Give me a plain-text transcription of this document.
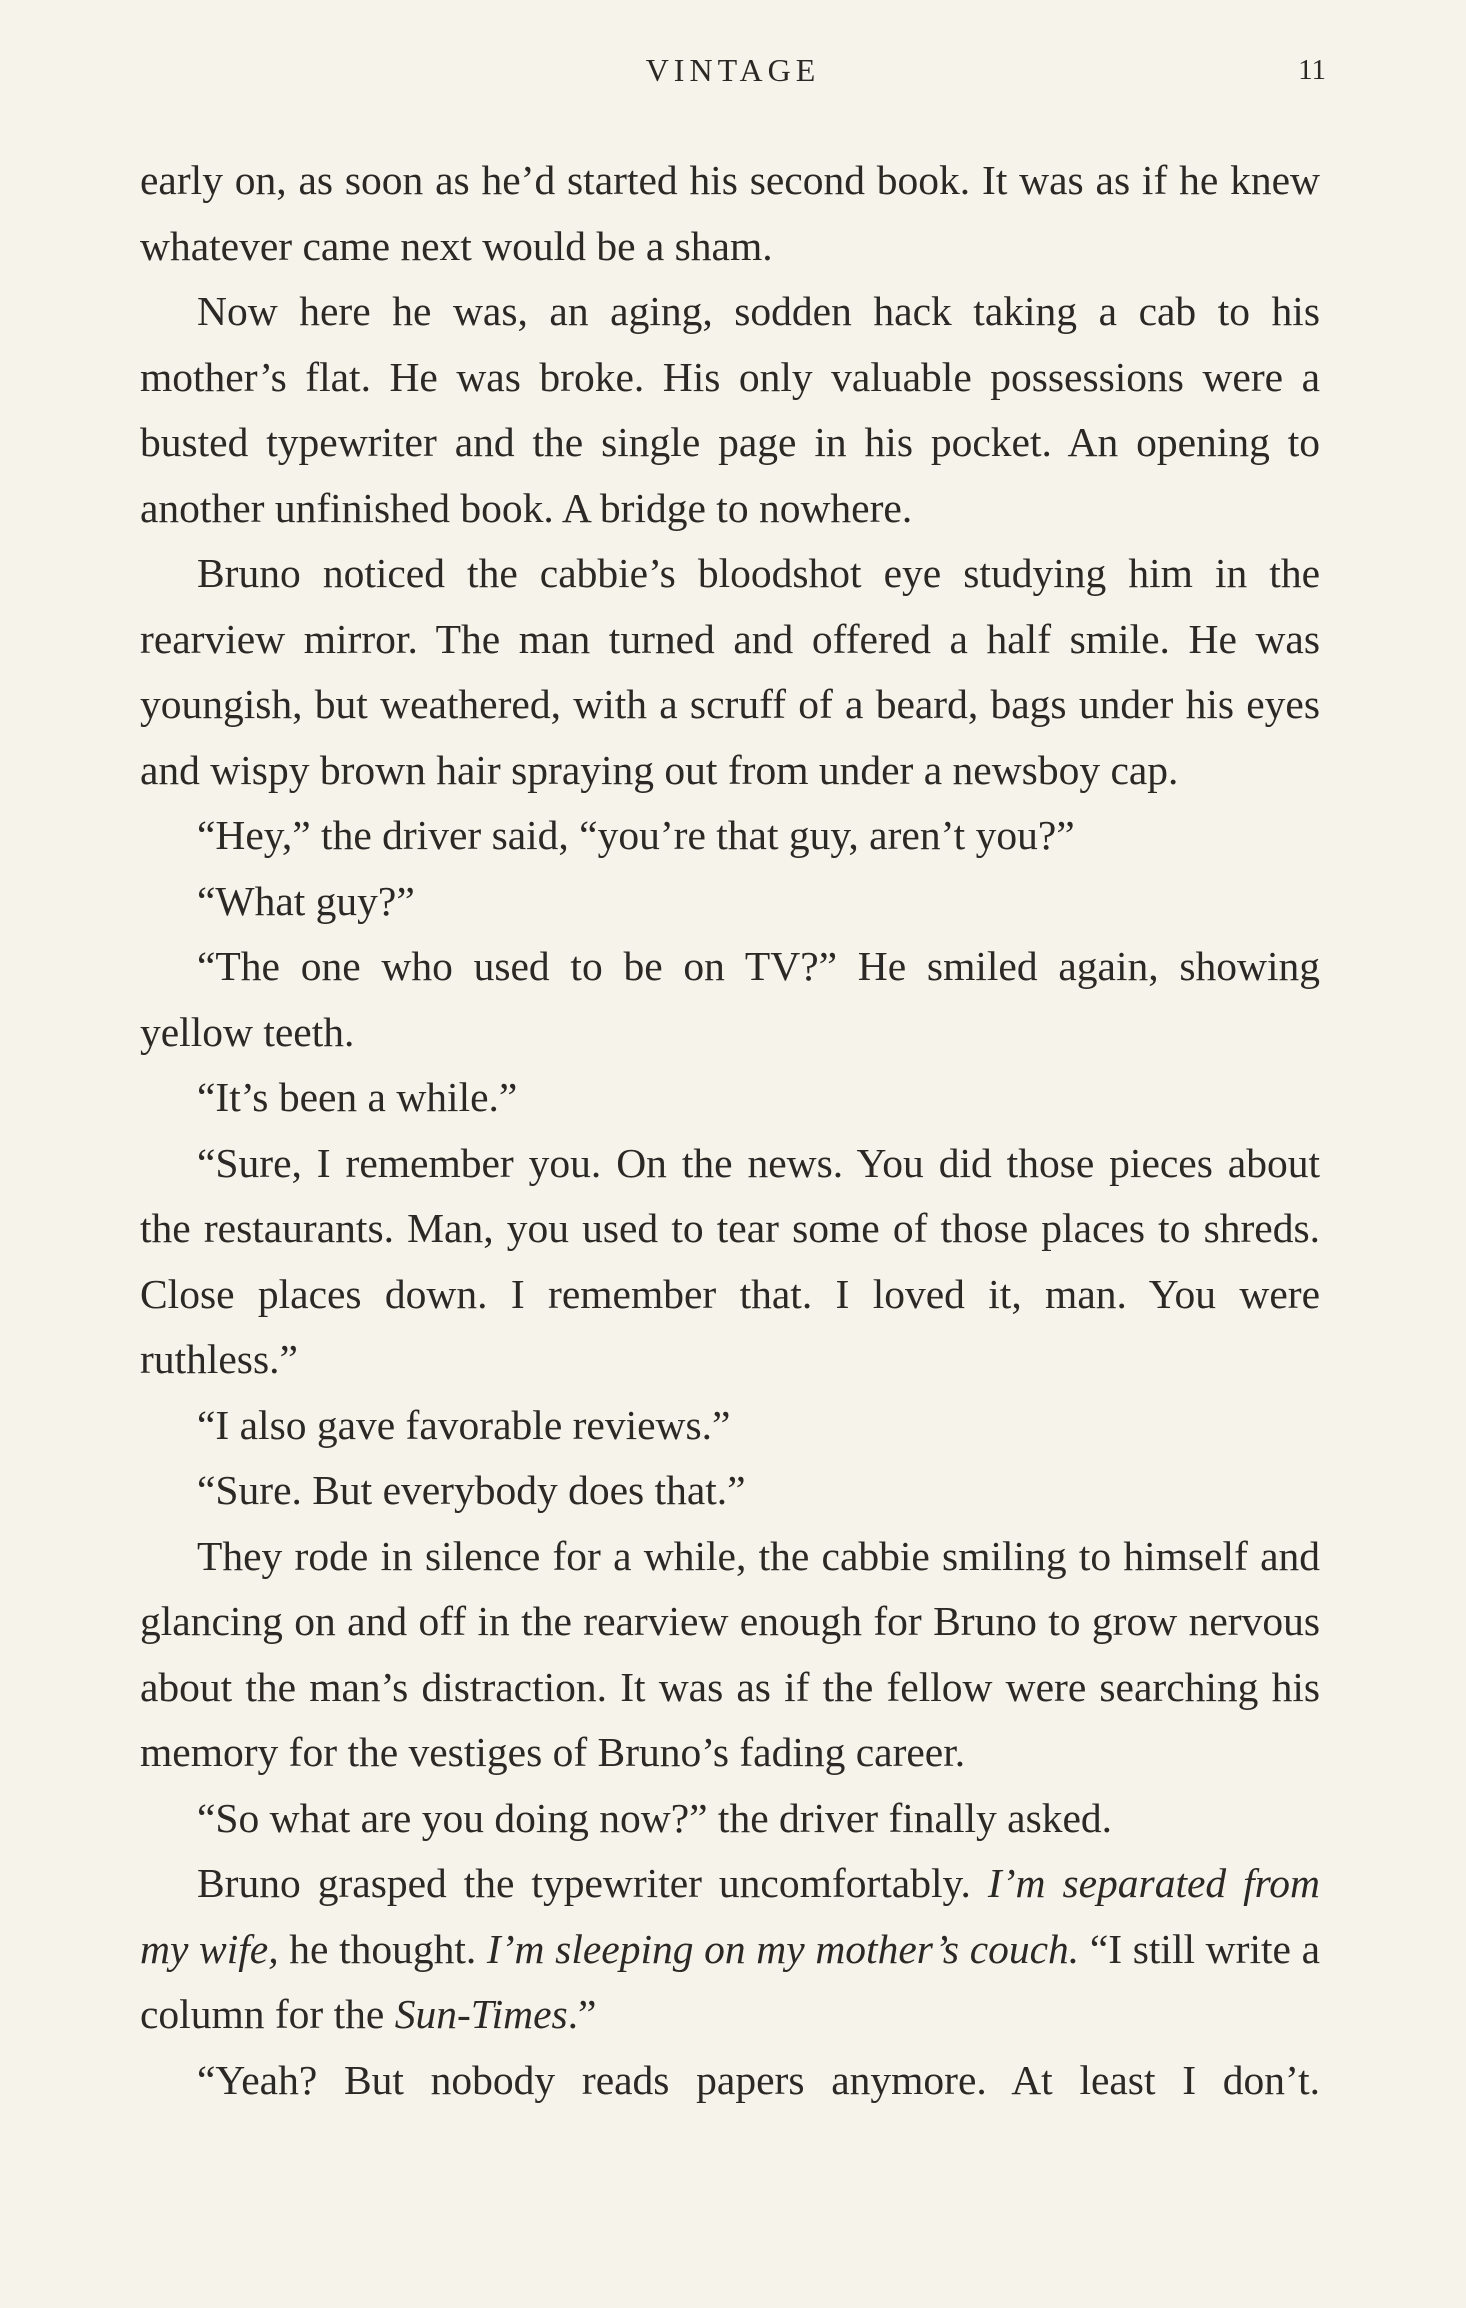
VINTAGE	11

early on, as soon as he’d started his second book. It was as if he knew whatever came next would be a sham.

Now here he was, an aging, sodden hack taking a cab to his mother’s flat. He was broke. His only valuable possessions were a busted typewriter and the single page in his pocket. An opening to another unfinished book. A bridge to nowhere.

Bruno noticed the cabbie’s bloodshot eye studying him in the rearview mirror. The man turned and offered a half smile. He was youngish, but weathered, with a scruff of a beard, bags under his eyes and wispy brown hair spraying out from under a newsboy cap.

“Hey,” the driver said, “you’re that guy, aren’t you?”

“What guy?”

“The one who used to be on TV?” He smiled again, showing yellow teeth.

“It’s been a while.”

“Sure, I remember you. On the news. You did those pieces about the restaurants. Man, you used to tear some of those places to shreds. Close places down. I remember that. I loved it, man. You were ruthless.”

“I also gave favorable reviews.”

“Sure. But everybody does that.”

They rode in silence for a while, the cabbie smiling to himself and glancing on and off in the rearview enough for Bruno to grow nervous about the man’s distraction. It was as if the fellow were searching his memory for the vestiges of Bruno’s fading career.

“So what are you doing now?” the driver finally asked.

Bruno grasped the typewriter uncomfortably. I’m separated from my wife, he thought. I’m sleeping on my mother’s couch. “I still write a column for the Sun-Times.”

“Yeah? But nobody reads papers anymore. At least I don’t.
